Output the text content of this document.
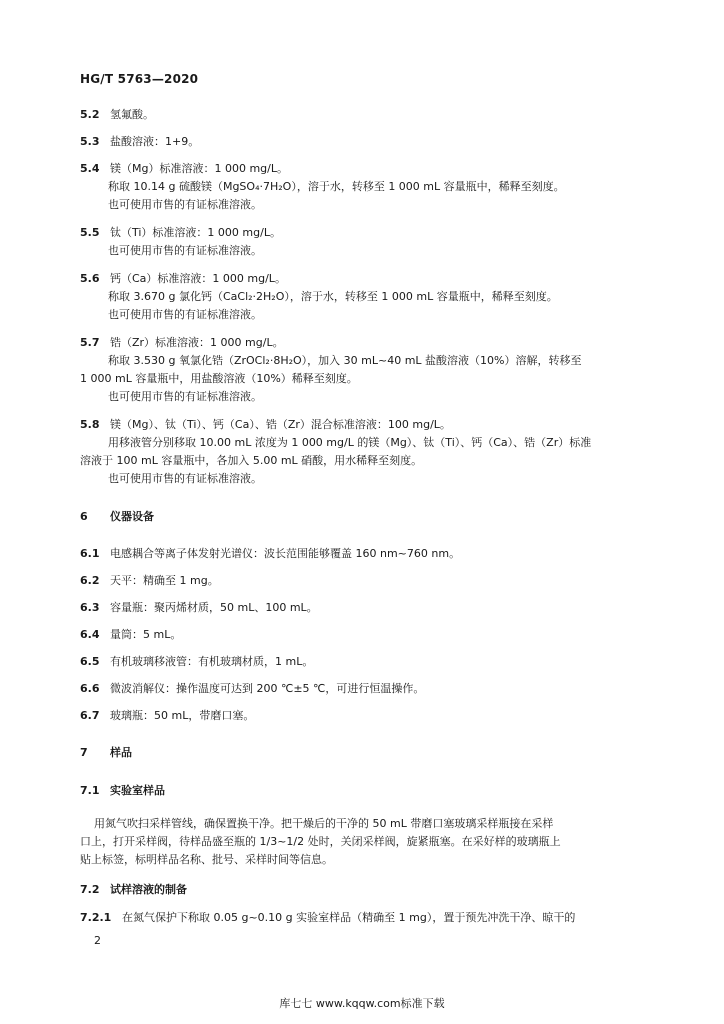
HG/T 5763—2020
5.2 氢氟酸。
5.3 盐酸溶液：1+9。
5.4 镁（Mg）标准溶液：1 000 mg/L。
称取 10.14 g 硫酸镁（MgSO₄·7H₂O），溶于水，转移至 1 000 mL 容量瓶中，稀释至刻度。
也可使用市售的有证标准溶液。
5.5 钛（Ti）标准溶液：1 000 mg/L。
也可使用市售的有证标准溶液。
5.6 钙（Ca）标准溶液：1 000 mg/L。
称取 3.670 g 氯化钙（CaCl₂·2H₂O），溶于水，转移至 1 000 mL 容量瓶中，稀释至刻度。
也可使用市售的有证标准溶液。
5.7 锆（Zr）标准溶液：1 000 mg/L。
称取 3.530 g 氧氯化锆（ZrOCl₂·8H₂O），加入 30 mL~40 mL 盐酸溶液（10%）溶解，转移至
1 000 mL 容量瓶中，用盐酸溶液（10%）稀释至刻度。
也可使用市售的有证标准溶液。
5.8 镁（Mg）、钛（Ti）、钙（Ca）、锆（Zr）混合标准溶液：100 mg/L。
用移液管分别移取 10.00 mL 浓度为 1 000 mg/L 的镁（Mg）、钛（Ti）、钙（Ca）、锆（Zr）标准
溶液于 100 mL 容量瓶中，各加入 5.00 mL 硝酸，用水稀释至刻度。
也可使用市售的有证标准溶液。
6 仪器设备
6.1 电感耦合等离子体发射光谱仪：波长范围能够覆盖 160 nm~760 nm。
6.2 天平：精确至 1 mg。
6.3 容量瓶：聚丙烯材质，50 mL、100 mL。
6.4 量筒：5 mL。
6.5 有机玻璃移液管：有机玻璃材质，1 mL。
6.6 微波消解仪：操作温度可达到 200 ℃±5 ℃，可进行恒温操作。
6.7 玻璃瓶：50 mL，带磨口塞。
7 样品
7.1 实验室样品
用氮气吹扫采样管线，确保置换干净。把干燥后的干净的 50 mL 带磨口塞玻璃采样瓶接在采样
口上，打开采样阀，待样品盛至瓶的 1/3~1/2 处时，关闭采样阀，旋紧瓶塞。在采好样的玻璃瓶上
贴上标签，标明样品名称、批号、采样时间等信息。
7.2 试样溶液的制备
7.2.1 在氮气保护下称取 0.05 g~0.10 g 实验室样品（精确至 1 mg），置于预先冲洗干净、晾干的
2
库七七 www.kqqw.com标准下载
